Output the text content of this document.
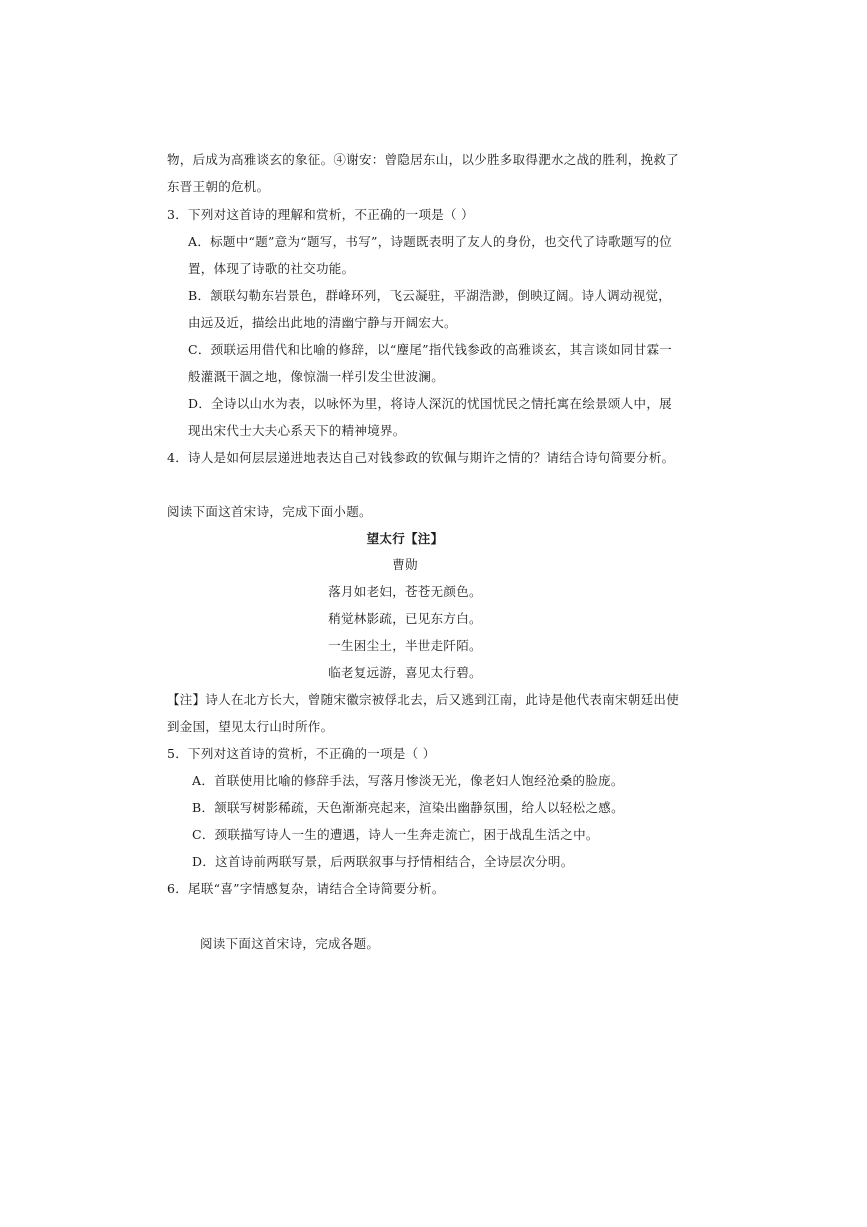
物，后成为高雅谈玄的象征。④谢安：曾隐居东山，以少胜多取得淝水之战的胜利，挽救了
东晋王朝的危机。
3．下列对这首诗的理解和赏析，不正确的一项是（ ）
A．标题中“题”意为“题写，书写”，诗题既表明了友人的身份，也交代了诗歌题写的位
置，体现了诗歌的社交功能。
B．颔联勾勒东岩景色，群峰环列，飞云凝驻，平湖浩渺，倒映辽阔。诗人调动视觉，
由远及近，描绘出此地的清幽宁静与开阔宏大。
C．颈联运用借代和比喻的修辞，以“麈尾”指代钱参政的高雅谈玄，其言谈如同甘霖一
般灌溉干涸之地，像惊湍一样引发尘世波澜。
D．全诗以山水为表，以咏怀为里，将诗人深沉的忧国忧民之情托寓在绘景颂人中，展
现出宋代士大夫心系天下的精神境界。
4．诗人是如何层层递进地表达自己对钱参政的钦佩与期许之情的？请结合诗句简要分析。
阅读下面这首宋诗，完成下面小题。
望太行【注】
曹勋
落月如老妇，苍苍无颜色。
稍觉林影疏，已见东方白。
一生困尘土，半世走阡陌。
临老复远游，喜见太行碧。
【注】诗人在北方长大，曾随宋徽宗被俘北去，后又逃到江南，此诗是他代表南宋朝廷出使
到金国，望见太行山时所作。
5．下列对这首诗的赏析，不正确的一项是（ ）
A．首联使用比喻的修辞手法，写落月惨淡无光，像老妇人饱经沧桑的脸庞。
B．颔联写树影稀疏，天色渐渐亮起来，渲染出幽静氛围，给人以轻松之感。
C．颈联描写诗人一生的遭遇，诗人一生奔走流亡，困于战乱生活之中。
D．这首诗前两联写景，后两联叙事与抒情相结合，全诗层次分明。
6．尾联“喜”字情感复杂，请结合全诗简要分析。
阅读下面这首宋诗，完成各题。
